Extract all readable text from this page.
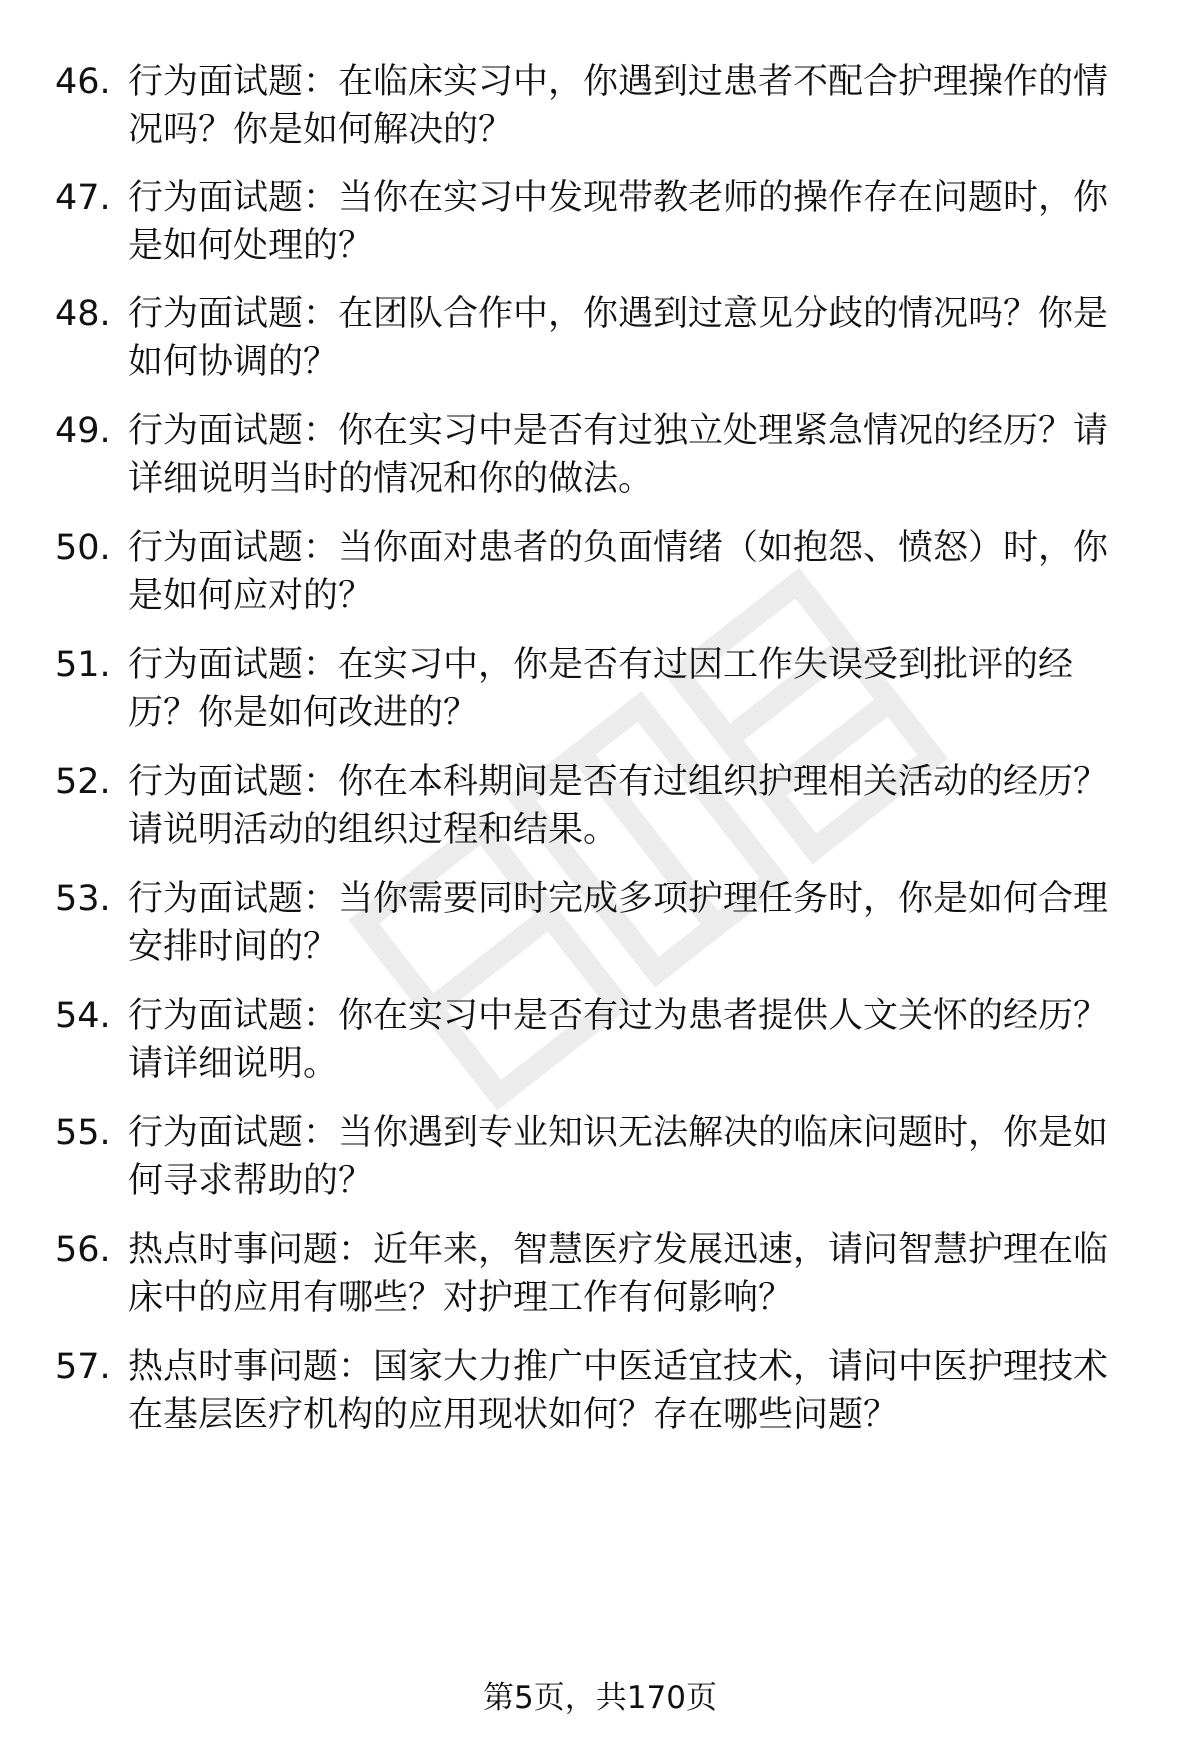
46. 行为面试题：在临床实习中，你遇到过患者不配合护理操作的情
况吗？你是如何解决的？
47. 行为面试题：当你在实习中发现带教老师的操作存在问题时，你
是如何处理的？
48. 行为面试题：在团队合作中，你遇到过意见分歧的情况吗？你是
如何协调的？
49. 行为面试题：你在实习中是否有过独立处理紧急情况的经历？请
详细说明当时的情况和你的做法。
50. 行为面试题：当你面对患者的负面情绪（如抱怨、愤怒）时，你
是如何应对的？
51. 行为面试题：在实习中，你是否有过因工作失误受到批评的经
历？你是如何改进的？
52. 行为面试题：你在本科期间是否有过组织护理相关活动的经历？
请说明活动的组织过程和结果。
53. 行为面试题：当你需要同时完成多项护理任务时，你是如何合理
安排时间的？
54. 行为面试题：你在实习中是否有过为患者提供人文关怀的经历？
请详细说明。
55. 行为面试题：当你遇到专业知识无法解决的临床问题时，你是如
何寻求帮助的？
56. 热点时事问题：近年来，智慧医疗发展迅速，请问智慧护理在临
床中的应用有哪些？对护理工作有何影响？
57. 热点时事问题：国家大力推广中医适宜技术，请问中医护理技术
在基层医疗机构的应用现状如何？存在哪些问题？
第5页，共170页
